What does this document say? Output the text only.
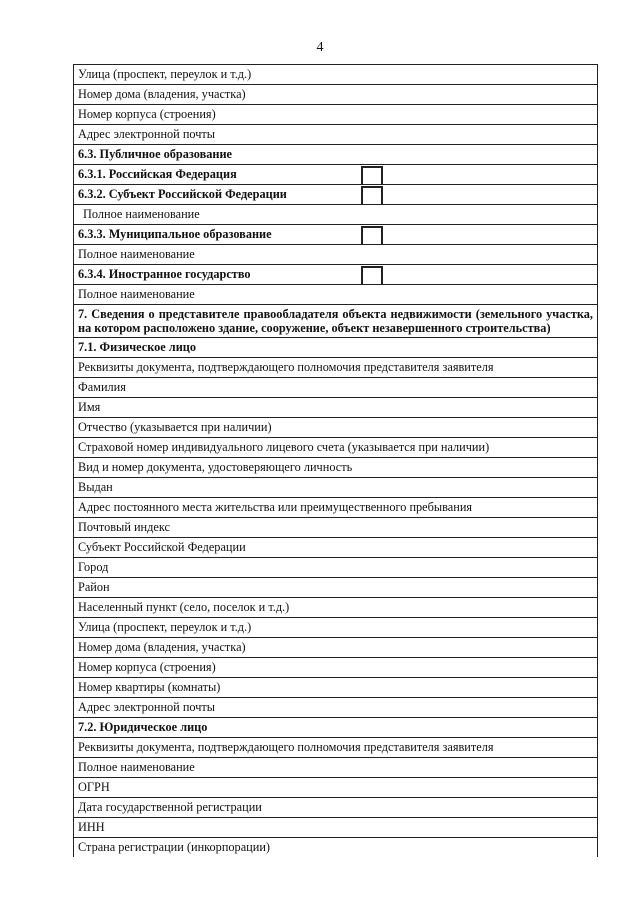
4
Улица (проспект, переулок и т.д.)
Номер дома (владения, участка)
Номер корпуса (строения)
Адрес электронной почты
6.3. Публичное образование

6.3.1. Российская Федерация

6.3.2. Субъект Российской Федерации

Полное наименование

6.3.3. Муниципальное образование

Полное наименование

6.3.4. Иностранное государство

Полное наименование
7. Сведения о представителе правообладателя объекта недвижимости (земельного участка, на котором расположено здание, сооружение, объект незавершенного строительства)
7.1. Физическое лицо
Реквизиты документа, подтверждающего полномочия представителя заявителя
Фамилия
Имя
Отчество (указывается при наличии)
Страховой номер индивидуального лицевого счета (указывается при наличии)
Вид и номер документа, удостоверяющего личность
Выдан
Адрес постоянного места жительства или преимущественного пребывания
Почтовый индекс
Субъект Российской Федерации
Город
Район
Населенный пункт (село, поселок и т.д.)
Улица (проспект, переулок и т.д.)
Номер дома (владения, участка)
Номер корпуса (строения)
Номер квартиры (комнаты)
Адрес электронной почты
7.2. Юридическое лицо
Реквизиты документа, подтверждающего полномочия представителя заявителя
Полное наименование
ОГРН
Дата государственной регистрации
ИНН
Страна регистрации (инкорпорации)
